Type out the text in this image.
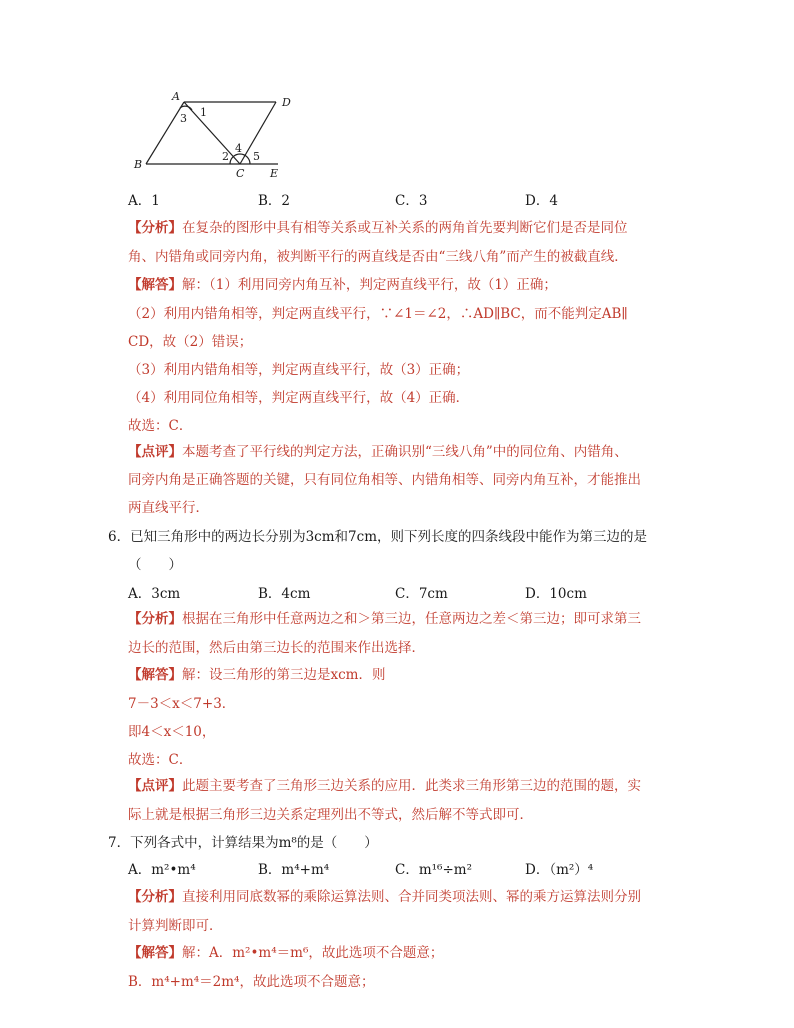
A	D
B
C E
1
2
3
4
5
A．1	B．2	C．3	D．4
【分析】在复杂的图形中具有相等关系或互补关系的两角首先要判断它们是否是同位
角、内错角或同旁内角，被判断平行的两直线是否由“三线八角”而产生的被截直线．
【解答】解：（1）利用同旁内角互补，判定两直线平行，故（1）正确；
（2）利用内错角相等，判定两直线平行，∵∠1＝∠2，∴AD∥BC，而不能判定AB∥
CD，故（2）错误；
（3）利用内错角相等，判定两直线平行，故（3）正确；
（4）利用同位角相等，判定两直线平行，故（4）正确．
故选：C．
【点评】本题考查了平行线的判定方法，正确识别“三线八角”中的同位角、内错角、
同旁内角是正确答题的关键，只有同位角相等、内错角相等、同旁内角互补，才能推出
两直线平行．
6．已知三角形中的两边长分别为3cm和7cm，则下列长度的四条线段中能作为第三边的是
（　　）
A．3cm	B．4cm	C．7cm	D．10cm
【分析】根据在三角形中任意两边之和＞第三边，任意两边之差＜第三边；即可求第三
边长的范围，然后由第三边长的范围来作出选择．
【解答】解：设三角形的第三边是xcm．则
7－3＜x＜7+3．
即4＜x＜10，
故选：C．
【点评】此题主要考查了三角形三边关系的应用．此类求三角形第三边的范围的题，实
际上就是根据三角形三边关系定理列出不等式，然后解不等式即可．
7．下列各式中，计算结果为m⁸的是（　　）
A．m²•m⁴	B．m⁴+m⁴	C．m¹⁶÷m²	D．（m²）⁴
【分析】直接利用同底数幂的乘除运算法则、合并同类项法则、幂的乘方运算法则分别
计算判断即可．
【解答】解：A．m²•m⁴＝m⁶，故此选项不合题意；
B．m⁴+m⁴＝2m⁴，故此选项不合题意；
